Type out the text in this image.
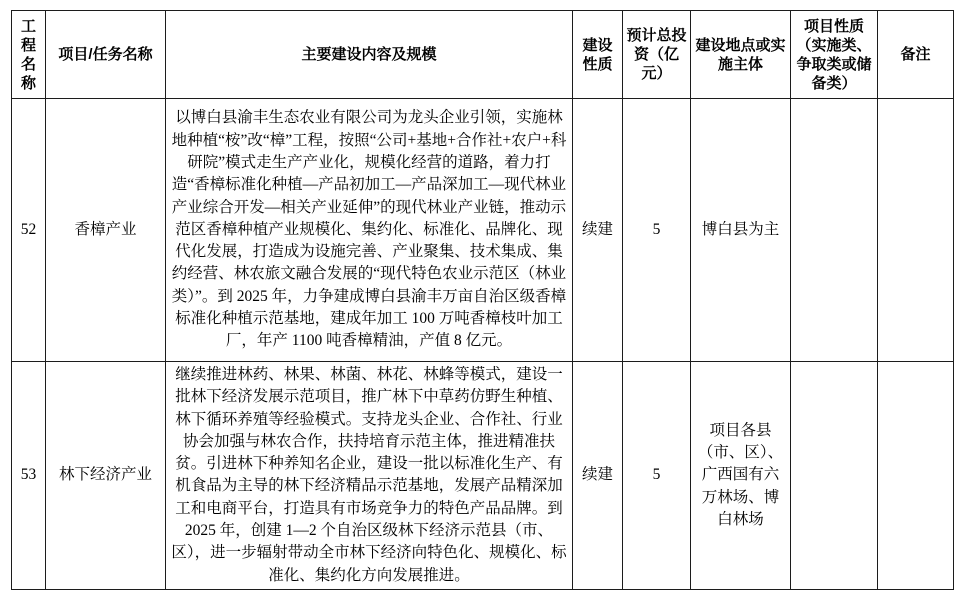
工程名称	项目/任务名称	主要建设内容及规模	建设性质	预计总投资（亿元）	建设地点或实施主体	项目性质（实施类、争取类或储备类）	备注
52	香樟产业	以博白县渝丰生态农业有限公司为龙头企业引领，实施林地种植“桉”改“樟”工程，按照“公司+基地+合作社+农户+科研院”模式走生产产业化，规模化经营的道路，着力打造“香樟标准化种植—产品初加工—产品深加工—现代林业产业综合开发—相关产业延伸”的现代林业产业链，推动示范区香樟种植产业规模化、集约化、标准化、品牌化、现代化发展，打造成为设施完善、产业聚集、技术集成、集约经营、林农旅文融合发展的“现代特色农业示范区（林业类）”。到 2025 年，力争建成博白县渝丰万亩自治区级香樟标准化种植示范基地，建成年加工 100 万吨香樟枝叶加工厂，年产 1100 吨香樟精油，产值 8 亿元。	续建	5	博白县为主		
53	林下经济产业	继续推进林药、林果、林菌、林花、林蜂等模式，建设一批林下经济发展示范项目，推广林下中草药仿野生种植、林下循环养殖等经验模式。支持龙头企业、合作社、行业协会加强与林农合作，扶持培育示范主体，推进精准扶贫。引进林下种养知名企业，建设一批以标准化生产、有机食品为主导的林下经济精品示范基地，发展产品精深加工和电商平台，打造具有市场竞争力的特色产品品牌。到 2025 年，创建 1—2 个自治区级林下经济示范县（市、区），进一步辐射带动全市林下经济向特色化、规模化、标准化、集约化方向发展推进。	续建	5	项目各县（市、区）、广西国有六万林场、博白林场		
